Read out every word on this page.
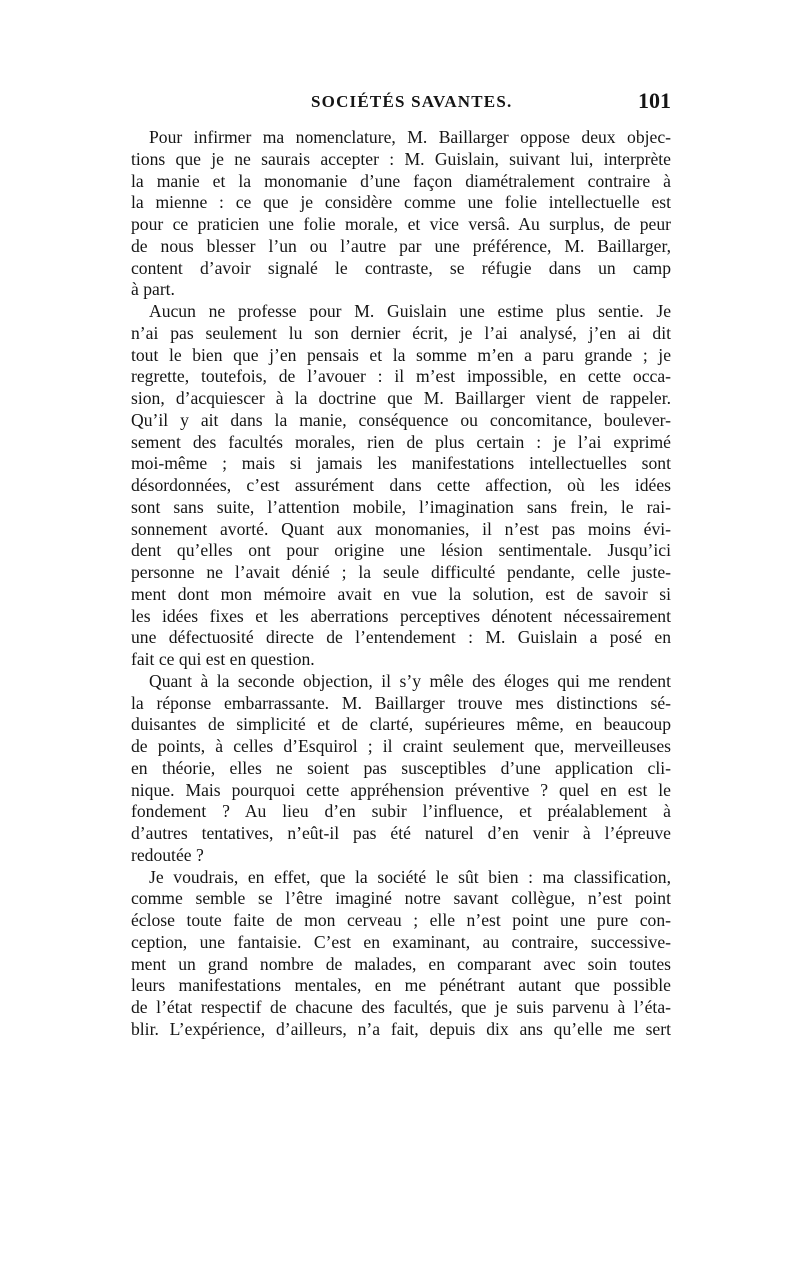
SOCIÉTÉS SAVANTES.	101
Pour infirmer ma nomenclature, M. Baillarger oppose deux objec-
tions que je ne saurais accepter : M. Guislain, suivant lui, interprète
la manie et la monomanie d’une façon diamétralement contraire à
la mienne : ce que je considère comme une folie intellectuelle est
pour ce praticien une folie morale, et vice versâ. Au surplus, de peur
de nous blesser l’un ou l’autre par une préférence, M. Baillarger,
content d’avoir signalé le contraste, se réfugie dans un camp
à part.
Aucun ne professe pour M. Guislain une estime plus sentie. Je
n’ai pas seulement lu son dernier écrit, je l’ai analysé, j’en ai dit
tout le bien que j’en pensais et la somme m’en a paru grande ; je
regrette, toutefois, de l’avouer : il m’est impossible, en cette occa-
sion, d’acquiescer à la doctrine que M. Baillarger vient de rappeler.
Qu’il y ait dans la manie, conséquence ou concomitance, boulever-
sement des facultés morales, rien de plus certain : je l’ai exprimé
moi-même ; mais si jamais les manifestations intellectuelles sont
désordonnées, c’est assurément dans cette affection, où les idées
sont sans suite, l’attention mobile, l’imagination sans frein, le rai-
sonnement avorté. Quant aux monomanies, il n’est pas moins évi-
dent qu’elles ont pour origine une lésion sentimentale. Jusqu’ici
personne ne l’avait dénié ; la seule difficulté pendante, celle juste-
ment dont mon mémoire avait en vue la solution, est de savoir si
les idées fixes et les aberrations perceptives dénotent nécessairement
une défectuosité directe de l’entendement : M. Guislain a posé en
fait ce qui est en question.
Quant à la seconde objection, il s’y mêle des éloges qui me rendent
la réponse embarrassante. M. Baillarger trouve mes distinctions sé-
duisantes de simplicité et de clarté, supérieures même, en beaucoup
de points, à celles d’Esquirol ; il craint seulement que, merveilleuses
en théorie, elles ne soient pas susceptibles d’une application cli-
nique. Mais pourquoi cette appréhension préventive ? quel en est le
fondement ? Au lieu d’en subir l’influence, et préalablement à
d’autres tentatives, n’eût-il pas été naturel d’en venir à l’épreuve
redoutée ?
Je voudrais, en effet, que la société le sût bien : ma classification,
comme semble se l’être imaginé notre savant collègue, n’est point
éclose toute faite de mon cerveau ; elle n’est point une pure con-
ception, une fantaisie. C’est en examinant, au contraire, successive-
ment un grand nombre de malades, en comparant avec soin toutes
leurs manifestations mentales, en me pénétrant autant que possible
de l’état respectif de chacune des facultés, que je suis parvenu à l’éta-
blir. L’expérience, d’ailleurs, n’a fait, depuis dix ans qu’elle me sert
